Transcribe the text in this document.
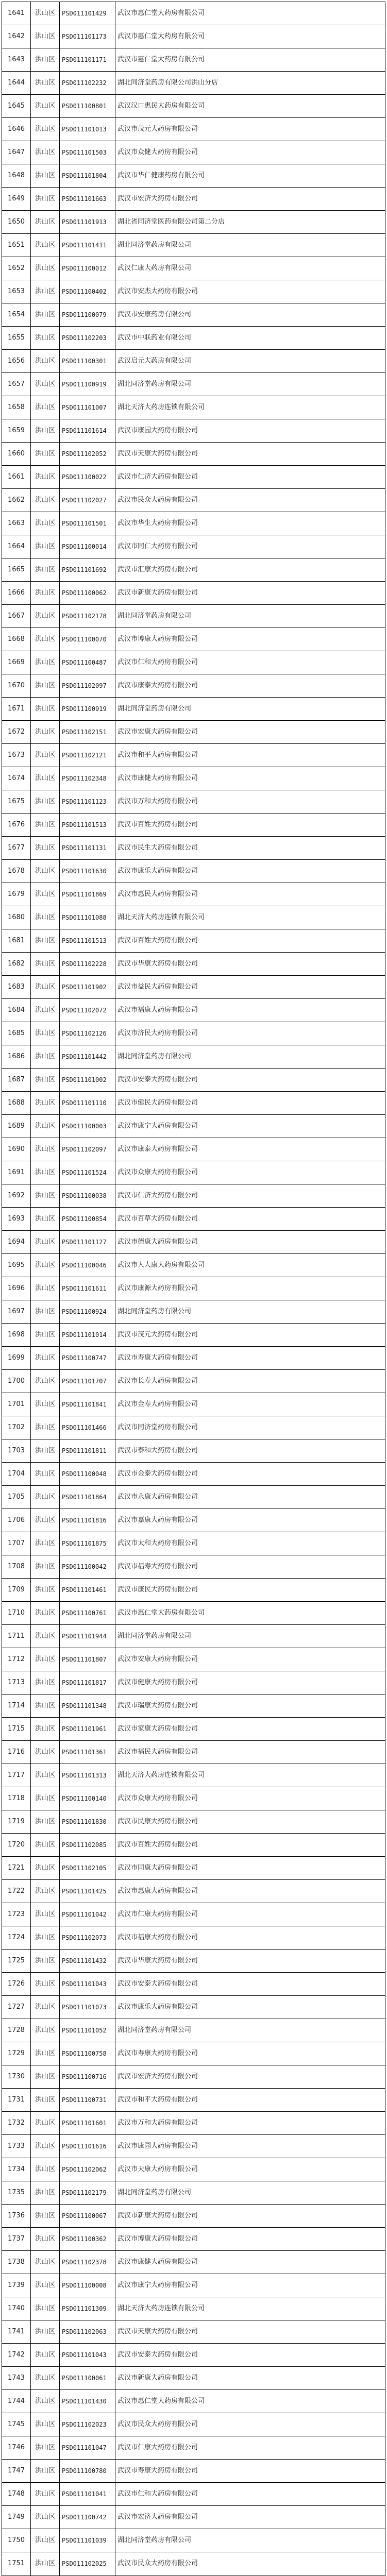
1641	洪山区	PSD011101429	武汉市惠仁堂大药房有限公司
1642	洪山区	PSD011101173	武汉市惠仁堂大药房有限公司
1643	洪山区	PSD011101171	武汉市惠仁堂大药房有限公司
1644	洪山区	PSD011102232	湖北同济堂药房有限公司洪山分店
1645	洪山区	PSD011100801	武汉汉口惠民大药房有限公司
1646	洪山区	PSD011101013	武汉市茂元大药房有限公司
1647	洪山区	PSD011101503	武汉市众健大药房有限公司
1648	洪山区	PSD011101804	武汉市华仁健康药房有限公司
1649	洪山区	PSD011101663	武汉市宏济大药房有限公司
1650	洪山区	PSD011101913	湖北省同济堂医药有限公司第二分店
1651	洪山区	PSD011101411	湖北同济堂药房有限公司
1652	洪山区	PSD011100012	武汉仁康大药房有限公司
1653	洪山区	PSD011100402	武汉市安杰大药房有限公司
1654	洪山区	PSD011100079	武汉市安康药房有限公司
1655	洪山区	PSD011102203	武汉市中联药业有限公司
1656	洪山区	PSD011100301	武汉启元大药房有限公司
1657	洪山区	PSD011100919	湖北同济堂药房有限公司
1658	洪山区	PSD011101007	湖北天济大药房连锁有限公司
1659	洪山区	PSD011101614	武汉市康园大药房有限公司
1660	洪山区	PSD011102052	武汉市天康大药房有限公司
1661	洪山区	PSD011100022	武汉市仁济大药房有限公司
1662	洪山区	PSD011102027	武汉市民众大药房有限公司
1663	洪山区	PSD011101501	武汉市华生大药房有限公司
1664	洪山区	PSD011100014	武汉市同仁大药房有限公司
1665	洪山区	PSD011101692	武汉市汇康大药房有限公司
1666	洪山区	PSD011100062	武汉市新康大药房有限公司
1667	洪山区	PSD011102178	湖北同济堂药房有限公司
1668	洪山区	PSD011100070	武汉市博康大药房有限公司
1669	洪山区	PSD011100487	武汉市仁和大药房有限公司
1670	洪山区	PSD011102097	武汉市康泰大药房有限公司
1671	洪山区	PSD011100919	湖北同济堂药房有限公司
1672	洪山区	PSD011102151	武汉市宏康大药房有限公司
1673	洪山区	PSD011102121	武汉市和平大药房有限公司
1674	洪山区	PSD011102348	武汉市康健大药房有限公司
1675	洪山区	PSD011101123	武汉市万和大药房有限公司
1676	洪山区	PSD011101513	武汉市百姓大药房有限公司
1677	洪山区	PSD011101131	武汉市民生大药房有限公司
1678	洪山区	PSD011101630	武汉市康乐大药房有限公司
1679	洪山区	PSD011101869	武汉市惠民大药房有限公司
1680	洪山区	PSD011101088	湖北天济大药房连锁有限公司
1681	洪山区	PSD011101513	武汉市百姓大药房有限公司
1682	洪山区	PSD011102228	武汉市华康大药房有限公司
1683	洪山区	PSD011101902	武汉市益民大药房有限公司
1684	洪山区	PSD011102072	武汉市福康大药房有限公司
1685	洪山区	PSD011102126	武汉市济民大药房有限公司
1686	洪山区	PSD011101442	湖北同济堂药房有限公司
1687	洪山区	PSD011101002	武汉市安泰大药房有限公司
1688	洪山区	PSD011101110	武汉市健民大药房有限公司
1689	洪山区	PSD011100003	武汉市康宁大药房有限公司
1690	洪山区	PSD011102097	武汉市康泰大药房有限公司
1691	洪山区	PSD011101524	武汉市众康大药房有限公司
1692	洪山区	PSD011100038	武汉市仁济大药房有限公司
1693	洪山区	PSD011100854	武汉市百草大药房有限公司
1694	洪山区	PSD011101127	武汉市德康大药房有限公司
1695	洪山区	PSD011100046	武汉市人人康大药房有限公司
1696	洪山区	PSD011101611	武汉市康源大药房有限公司
1697	洪山区	PSD011100924	湖北同济堂药房有限公司
1698	洪山区	PSD011101014	武汉市茂元大药房有限公司
1699	洪山区	PSD011100747	武汉市寿康大药房有限公司
1700	洪山区	PSD011101707	武汉市长寿大药房有限公司
1701	洪山区	PSD011101841	武汉市金寿大药房有限公司
1702	洪山区	PSD011101466	武汉市同济堂药房有限公司
1703	洪山区	PSD011101811	武汉市泰和大药房有限公司
1704	洪山区	PSD011100048	武汉市金泰大药房有限公司
1705	洪山区	PSD011101864	武汉市永康大药房有限公司
1706	洪山区	PSD011101816	武汉市嘉康大药房有限公司
1707	洪山区	PSD011101875	武汉市太和大药房有限公司
1708	洪山区	PSD011100042	武汉市福寿大药房有限公司
1709	洪山区	PSD011101461	武汉市康民大药房有限公司
1710	洪山区	PSD011100761	武汉市惠仁堂大药房有限公司
1711	洪山区	PSD011101944	湖北同济堂药房有限公司
1712	洪山区	PSD011101807	武汉市安康大药房有限公司
1713	洪山区	PSD011101817	武汉市健康大药房有限公司
1714	洪山区	PSD011101348	武汉市瑞康大药房有限公司
1715	洪山区	PSD011101961	武汉市家康大药房有限公司
1716	洪山区	PSD011101361	武汉市福民大药房有限公司
1717	洪山区	PSD011101313	湖北天济大药房连锁有限公司
1718	洪山区	PSD011100140	武汉市众康大药房有限公司
1719	洪山区	PSD011101830	武汉市民康大药房有限公司
1720	洪山区	PSD011102085	武汉市百姓大药房有限公司
1721	洪山区	PSD011102105	武汉市同康大药房有限公司
1722	洪山区	PSD011101425	武汉市惠康大药房有限公司
1723	洪山区	PSD011101042	武汉市仁康大药房有限公司
1724	洪山区	PSD011102073	武汉市福康大药房有限公司
1725	洪山区	PSD011101432	武汉市华康大药房有限公司
1726	洪山区	PSD011101043	武汉市安泰大药房有限公司
1727	洪山区	PSD011101073	武汉市康乐大药房有限公司
1728	洪山区	PSD011101052	湖北同济堂药房有限公司
1729	洪山区	PSD011100758	武汉市寿康大药房有限公司
1730	洪山区	PSD011100716	武汉市宏济大药房有限公司
1731	洪山区	PSD011100731	武汉市和平大药房有限公司
1732	洪山区	PSD011101601	武汉市万和大药房有限公司
1733	洪山区	PSD011101616	武汉市康园大药房有限公司
1734	洪山区	PSD011102062	武汉市天康大药房有限公司
1735	洪山区	PSD011102179	湖北同济堂药房有限公司
1736	洪山区	PSD011100067	武汉市新康大药房有限公司
1737	洪山区	PSD011100362	武汉市博康大药房有限公司
1738	洪山区	PSD011102378	武汉市康健大药房有限公司
1739	洪山区	PSD011100008	武汉市康宁大药房有限公司
1740	洪山区	PSD011101309	湖北天济大药房连锁有限公司
1741	洪山区	PSD011102063	武汉市天康大药房有限公司
1742	洪山区	PSD011101043	武汉市安泰大药房有限公司
1743	洪山区	PSD011100061	武汉市新康大药房有限公司
1744	洪山区	PSD011101430	武汉市惠仁堂大药房有限公司
1745	洪山区	PSD011102023	武汉市民众大药房有限公司
1746	洪山区	PSD011101047	武汉市仁康大药房有限公司
1747	洪山区	PSD011100780	武汉市寿康大药房有限公司
1748	洪山区	PSD011101041	武汉市仁和大药房有限公司
1749	洪山区	PSD011100742	武汉市宏济大药房有限公司
1750	洪山区	PSD011101039	湖北同济堂药房有限公司
1751	洪山区	PSD011102025	武汉市民众大药房有限公司
